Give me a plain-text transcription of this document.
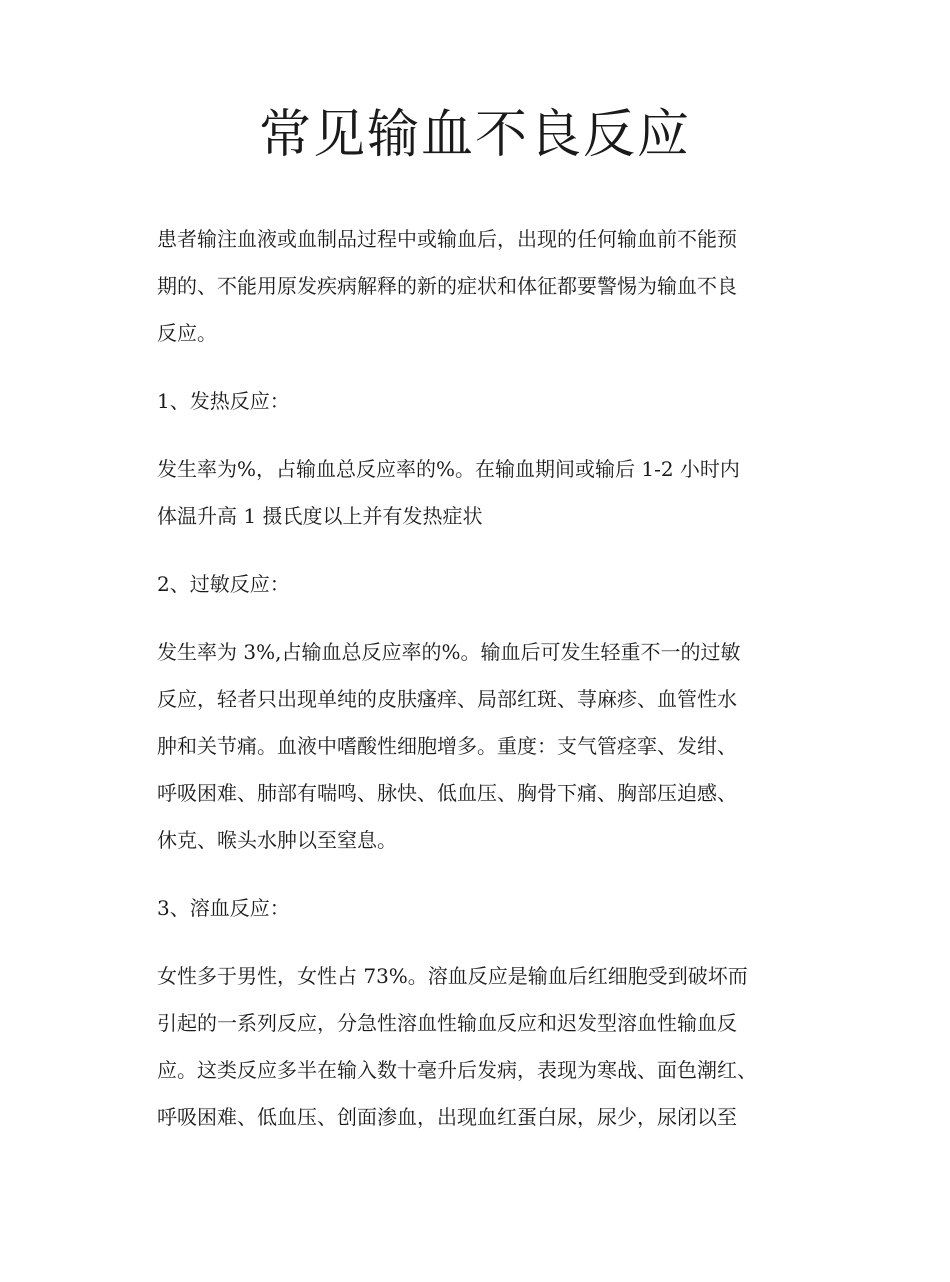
常见输血不良反应
患者输注血液或血制品过程中或输血后，出现的任何输血前不能预
期的、不能用原发疾病解释的新的症状和体征都要警惕为输血不良
反应。
1、发热反应：
发生率为%，占输血总反应率的%。在输血期间或输后 1-2 小时内
体温升高 1 摄氏度以上并有发热症状
2、过敏反应：
发生率为 3%,占输血总反应率的%。输血后可发生轻重不一的过敏
反应，轻者只出现单纯的皮肤瘙痒、局部红斑、荨麻疹、血管性水
肿和关节痛。血液中嗜酸性细胞增多。重度：支气管痉挛、发绀、
呼吸困难、肺部有喘鸣、脉快、低血压、胸骨下痛、胸部压迫感、
休克、喉头水肿以至窒息。
3、溶血反应：
女性多于男性，女性占 73%。溶血反应是输血后红细胞受到破坏而
引起的一系列反应，分急性溶血性输血反应和迟发型溶血性输血反
应。这类反应多半在输入数十毫升后发病，表现为寒战、面色潮红、
呼吸困难、低血压、创面渗血，出现血红蛋白尿，尿少，尿闭以至
